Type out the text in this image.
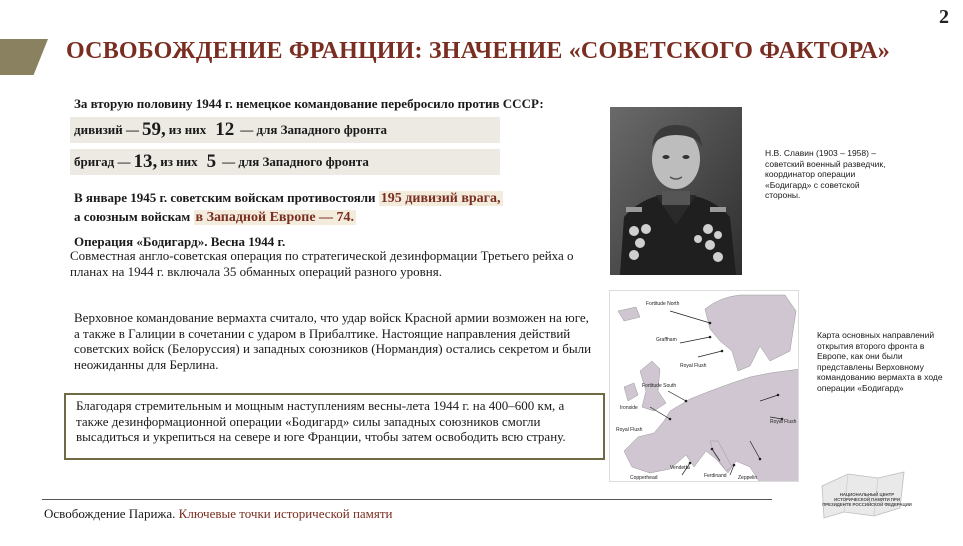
2
ОСВОБОЖДЕНИЕ ФРАНЦИИ: ЗНАЧЕНИЕ «СОВЕТСКОГО ФАКТОРА»
За вторую половину 1944 г. немецкое командование перебросило против СССР:
дивизий — 59, из них 12 — для Западного фронта
бригад — 13, из них 5 — для Западного фронта
В январе 1945 г. советским войскам противостояли 195 дивизий врага,
а союзным войскам в Западной Европе — 74.
Операция «Бодигард». Весна 1944 г.
Совместная англо-советская операция по стратегической дезинформации Третьего рейха о планах на 1944 г. включала 35 обманных операций разного уровня.
Верховное командование вермахта считало, что удар войск Красной армии возможен на юге, а также в Галиции в сочетании с ударом в Прибалтике. Настоящие направления действий советских войск (Белоруссия) и западных союзников (Нормандия) остались секретом и были неожиданны для Берлина.
Благодаря стремительным и мощным наступлениям весны-лета 1944 г. на 400–600 км, а также дезинформационной операции «Бодигард» силы западных союзников смогли высадиться и укрепиться на севере и юге Франции, чтобы затем освободить всю страну.
Н.В. Славин (1903 – 1958) – советский военный разведчик, координатор операции «Бодигард» с советской стороны.
Fortitude North
Graffham
Royal Flush
Fortitude South
Ironside
Royal Flush
Royal Flush
Vendetta
Copperhead	Ferdinand Zeppelin
Карта основных направлений открытия второго фронта в Европе, как они были представлены Верховному командованию вермахта в ходе операции «Бодигард»
НАЦИОНАЛЬНЫЙ ЦЕНТР ИСТОРИЧЕСКОЙ ПАМЯТИ ПРИ ПРЕЗИДЕНТЕ РОССИЙСКОЙ ФЕДЕРАЦИИ
Освобождение Парижа. Ключевые точки исторической памяти
